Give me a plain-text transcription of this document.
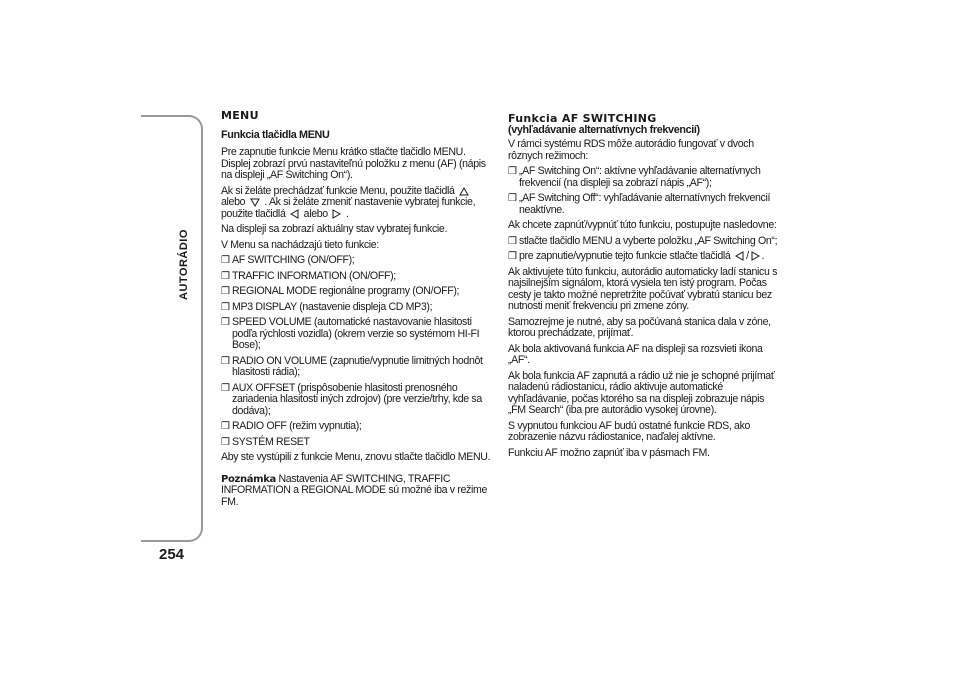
AUTORÁDIO
254
MENU
Funkcia tlačidla MENU

Pre zapnutie funkcie Menu krátko stlačte tlačidlo MENU. Displej zobrazí prvú nastaviteľnú položku z menu (AF) (nápis na displeji „AF Switching On“).

Ak si želáte prechádzať funkcie Menu, použite tlačidlá  alebo . Ak si želáte zmeniť nastavenie vybratej funkcie, použite tlačidlá alebo .

Na displeji sa zobrazí aktuálny stav vybratej funkcie.

V Menu sa nachádzajú tieto funkcie:

❒ AF SWITCHING (ON/OFF);
❒ TRAFFIC INFORMATION (ON/OFF);
❒ REGIONAL MODE regionálne programy (ON/OFF);
❒ MP3 DISPLAY (nastavenie displeja CD MP3);
❒ SPEED VOLUME (automatické nastavovanie hlasitosti podľa rýchlosti vozidla) (okrem verzie so systémom HI-FI Bose);
❒ RADIO ON VOLUME (zapnutie/vypnutie limitných hodnôt hlasitosti rádia);
❒ AUX OFFSET (prispôsobenie hlasitosti prenosného zariadenia hlasitosti iných zdrojov) (pre verzie/trhy, kde sa dodáva);
❒ RADIO OFF (režim vypnutia);
❒ SYSTÉM RESET

Aby ste vystúpili z funkcie Menu, znovu stlačte tlačidlo MENU.

Poznámka Nastavenia AF SWITCHING, TRAFFIC INFORMATION a REGIONAL MODE sú možné iba v režime FM.

Funkcia AF SWITCHING
(vyhľadávanie alternatívnych frekvencií)

V rámci systému RDS môže autorádio fungovať v dvoch rôznych režimoch:

❒ „AF Switching On“: aktívne vyhľadávanie alternatívnych frekvencií (na displeji sa zobrazí nápis „AF“);
❒ „AF Switching Off“: vyhľadávanie alternatívnych frekvencií neaktívne.

Ak chcete zapnúť/vypnúť túto funkciu, postupujte nasledovne:

❒ stlačte tlačidlo MENU a vyberte položku „AF Switching On“;
❒ pre zapnutie/vypnutie tejto funkcie stlačte tlačidlá / .

Ak aktivujete túto funkciu, autorádio automaticky ladí stanicu s najsilnejším signálom, ktorá vysiela ten istý program. Počas cesty je takto možné nepretržite počúvať vybratú stanicu bez nutnosti meniť frekvenciu pri zmene zóny.

Samozrejme je nutné, aby sa počúvaná stanica dala v zóne, ktorou prechádzate, prijímať.

Ak bola aktivovaná funkcia AF na displeji sa rozsvieti ikona „AF“.

Ak bola funkcia AF zapnutá a rádio už nie je schopné prijímať naladenú rádiostanicu, rádio aktivuje automatické vyhľadávanie, počas ktorého sa na displeji zobrazuje nápis „FM Search“ (iba pre autorádio vysokej úrovne).

S vypnutou funkciou AF budú ostatné funkcie RDS, ako zobrazenie názvu rádiostanice, naďalej aktívne.

Funkciu AF možno zapnúť iba v pásmach FM.
